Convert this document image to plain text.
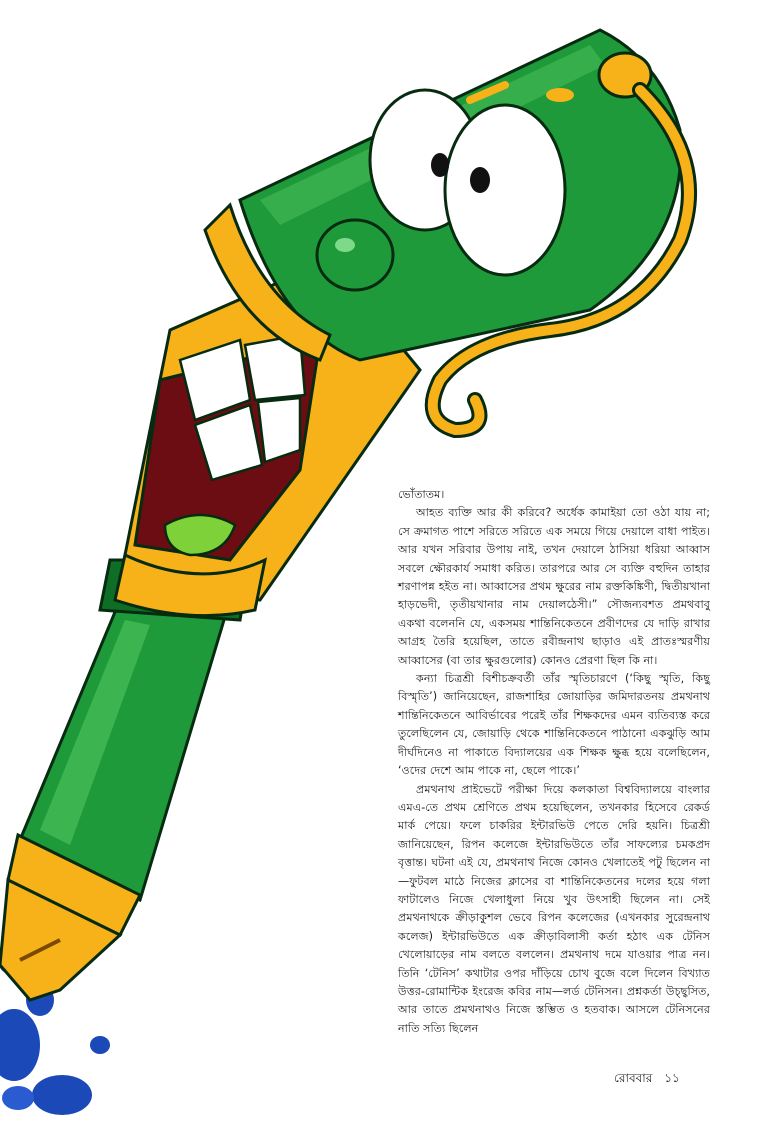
ভোঁতাতম।

আহত ব্যক্তি আর কী করিবে? অর্ধেক কামাইয়া তো ওঠা যায় না; সে ক্রমাগত পাশে সরিতে সরিতে এক সময়ে গিয়ে দেয়ালে বাধা পাইত। আর যখন সরিবার উপায় নাই, তখন দেয়ালে ঠাসিয়া ধরিয়া আব্বাস সবলে ক্ষৌরকার্য সমাধা করিত। তারপরে আর সে ব্যক্তি বহুদিন তাহার শরণাপন্ন হইত না। আব্বাসের প্রথম ক্ষুরের নাম রক্তকিঙ্কিণী, দ্বিতীয়খানা হাড়ভেদী, তৃতীয়খানার নাম দেয়ালঠেসী।” সৌজন্যবশত প্রমথবাবু একথা বলেননি যে, একসময় শান্তিনিকেতনে প্রবীণদের যে দাড়ি রাখার আগ্রহ তৈরি হয়েছিল, তাতে রবীন্দ্রনাথ ছাড়াও এই প্রাতঃস্মরণীয় আব্বাসের (বা তার ক্ষুরগুলোর) কোনও প্রেরণা ছিল কি না।

কন্যা চিত্রশ্রী বিশীচক্রবর্তী তাঁর স্মৃতিচারণে (‘কিছু স্মৃতি, কিছু বিস্মৃতি’) জানিয়েছেন, রাজশাহির জোয়াড়ির জমিদারতনয় প্রমথনাথ শান্তিনিকেতনে আবির্ভাবের পরেই তাঁর শিক্ষকদের এমন ব্যতিব্যস্ত করে তুলেছিলেন যে, জোয়াড়ি থেকে শান্তিনিকেতনে পাঠানো একঝুড়ি আম দীর্ঘদিনেও না পাকাতে বিদ্যালয়ের এক শিক্ষক ক্ষুব্ধ হয়ে বলেছিলেন, ‘ওদের দেশে আম পাকে না, ছেলে পাকে।’

প্রমথনাথ প্রাইভেটে পরীক্ষা দিয়ে কলকাতা বিশ্ববিদ্যালয়ে বাংলার এমএ-তে প্রথম শ্রেণিতে প্রথম হয়েছিলেন, তখনকার হিসেবে রেকর্ড মার্ক পেয়ে। ফলে চাকরির ইন্টারভিউ পেতে দেরি হয়নি। চিত্রশ্রী জানিয়েছেন, রিপন কলেজে ইন্টারভিউতে তাঁর সাফল্যের চমকপ্রদ বৃত্তান্ত। ঘটনা এই যে, প্রমথনাথ নিজে কোনও খেলাতেই পটু ছিলেন না—ফুটবল মাঠে নিজের ক্লাসের বা শান্তিনিকেতনের দলের হয়ে গলা ফাটালেও নিজে খেলাধুলা নিয়ে খুব উৎসাহী ছিলেন না। সেই প্রমথনাথকে ক্রীড়াকুশল ভেবে রিপন কলেজের (এখনকার সুরেন্দ্রনাথ কলেজ) ইন্টারভিউতে এক ক্রীড়াবিলাসী কর্তা হঠাৎ এক টেনিস খেলোয়াড়ের নাম বলতে বললেন। প্রমথনাথ দমে যাওয়ার পাত্র নন। তিনি ‘টেনিস’ কথাটার ওপর দাঁড়িয়ে চোখ বুজে বলে দিলেন বিখ্যাত উত্তর-রোমান্টিক ইংরেজ কবির নাম—লর্ড টেনিসন। প্রশ্নকর্তা উচ্ছ্বসিত, আর তাতে প্রমথনাথও নিজে স্তম্ভিত ও হতবাক। আসলে টেনিসনের নাতি সত্যি ছিলেন

রোববার ১১
